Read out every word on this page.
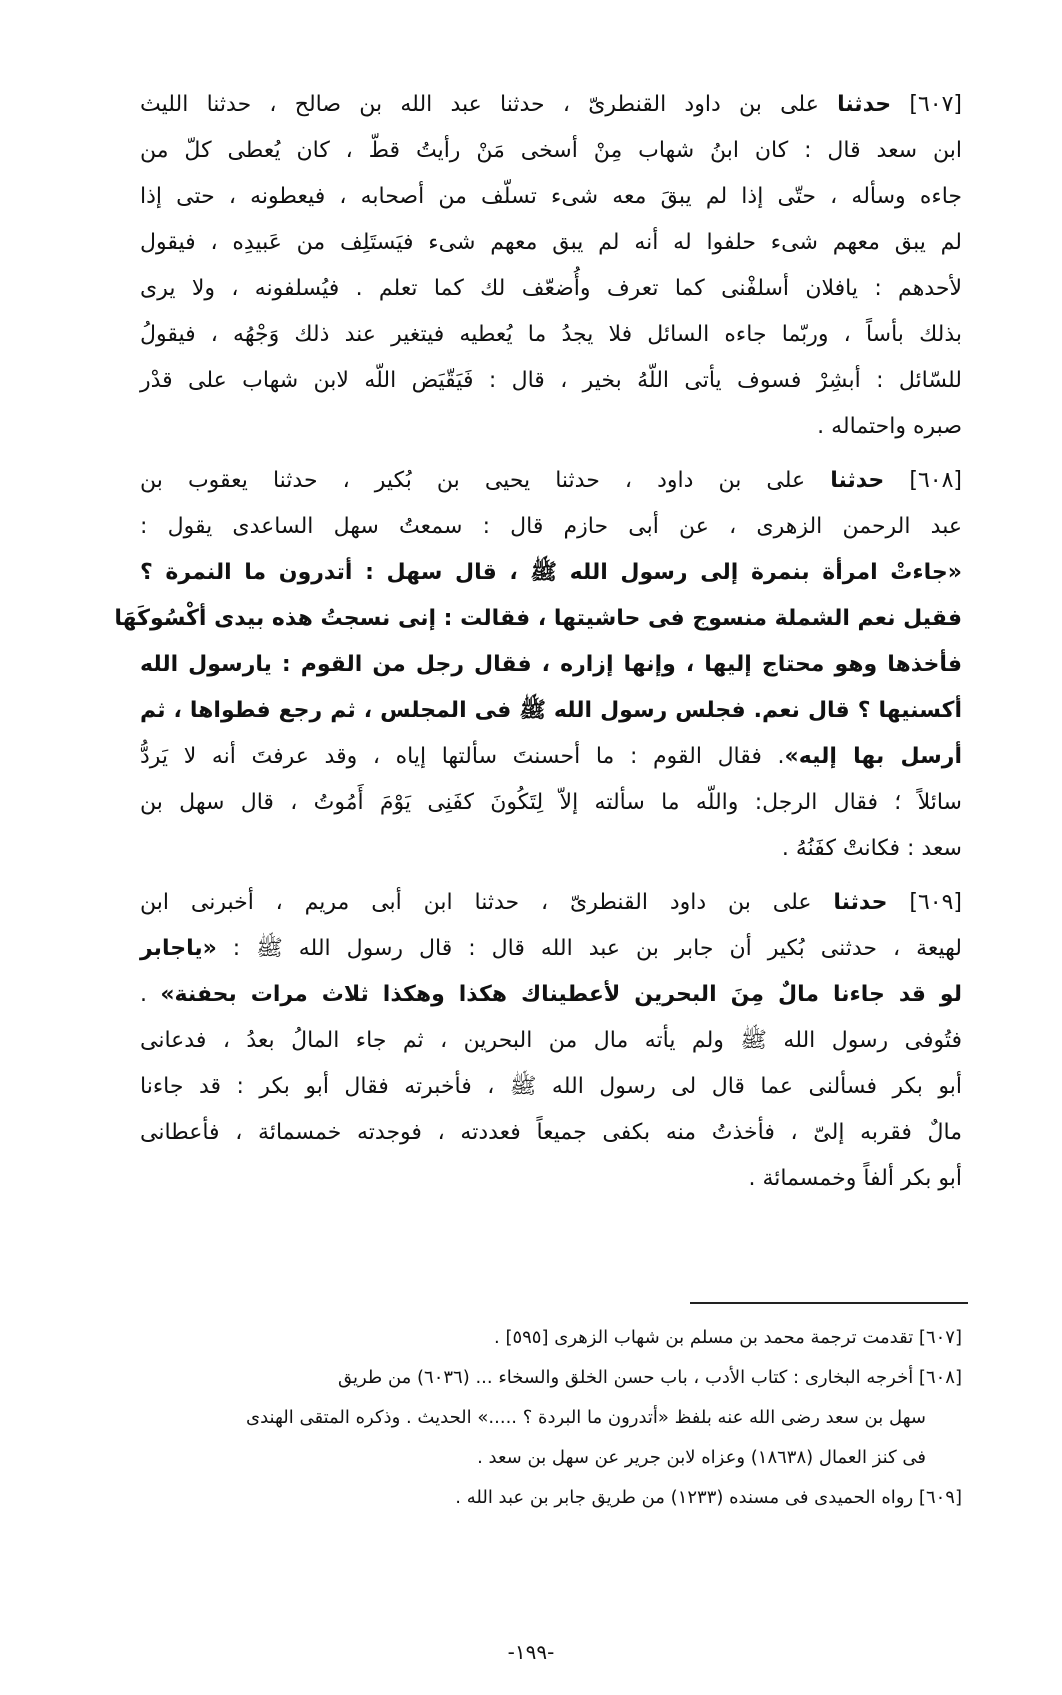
[٦٠٧] حدثنا على بن داود القنطرىّ ، حدثنا عبد الله بن صالح ، حدثنا الليث
ابن سعد قال : كان ابنُ شهاب مِنْ أسخى مَنْ رأيتُ قطّ ، كان يُعطى كلّ من
جاءه وسأله ، حتّى إذا لم يبقَ معه شىء تسلّف من أصحابه ، فيعطونه ، حتى إذا
لم يبق معهم شىء حلفوا له أنه لم يبق معهم شىء فيَستَلِف من عَبيدِه ، فيقول
لأحدهم : يافلان أسلفْنى كما تعرف وأُضعّف لك كما تعلم . فيُسلفونه ، ولا يرى
بذلك بأساً ، وربّما جاءه السائل فلا يجدُ ما يُعطيه فيتغير عند ذلك وَجْهُه ، فيقولُ
للسّائل : أبشِرْ فسوف يأتى اللّهُ بخير ، قال : فَيَقّيَض اللّه لابن شهاب على قدْر
صبره واحتماله .
[٦٠٨] حدثنا على بن داود ، حدثنا يحيى بن بُكير ، حدثنا يعقوب بن
عبد الرحمن الزهرى ، عن أبى حازم قال : سمعتُ سهل الساعدى يقول :
«جاءتْ امرأة بنمرة إلى رسول الله ﷺ ، قال سهل : أتدرون ما النمرة ؟
فقيل نعم الشملة منسوج فى حاشيتها ، فقالت : إنى نسجتُ هذه بيدى أكْسُوكَهَا
فأخذها وهو محتاج إليها ، وإنها إزاره ، فقال رجل من القوم : يارسول الله
أكسنيها ؟ قال نعم. فجلس رسول الله ﷺ فى المجلس ، ثم رجع فطواها ، ثم
أرسل بها إليه». فقال القوم : ما أحسنتَ سألتها إياه ، وقد عرفتَ أنه لا يَردُّ
سائلاً ؛ فقال الرجل: واللّه ما سألته إلاّ لِتَكُونَ كفَنِى يَوْمَ أَمُوتُ ، قال سهل بن
سعد : فكانتْ كفَنُهُ .
[٦٠٩] حدثنا على بن داود القنطرىّ ، حدثنا ابن أبى مريم ، أخبرنى ابن
لهيعة ، حدثنى بُكير أن جابر بن عبد الله قال : قال رسول الله ﷺ : «ياجابر
لو قد جاءنا مالٌ مِنَ البحرين لأعطيناك هكذا وهكذا ثلاث مرات بحفنة» .
فتُوفى رسول الله ﷺ ولم يأته مال من البحرين ، ثم جاء المالُ بعدُ ، فدعانى
أبو بكر فسألنى عما قال لى رسول الله ﷺ ، فأخبرته فقال أبو بكر : قد جاءنا
مالٌ فقربه إلىّ ، فأخذتُ منه بكفى جميعاً فعددته ، فوجدته خمسمائة ، فأعطانى
أبو بكر ألفاً وخمسمائة .
[٦٠٧] تقدمت ترجمة محمد بن مسلم بن شهاب الزهرى [٥٩٥] .
[٦٠٨] أخرجه البخارى : كتاب الأدب ، باب حسن الخلق والسخاء ... (٦٠٣٦) من طريق
سهل بن سعد رضى الله عنه بلفظ «أتدرون ما البردة ؟ .....» الحديث . وذكره المتقى الهندى
فى كنز العمال (١٨٦٣٨) وعزاه لابن جرير عن سهل بن سعد .
[٦٠٩] رواه الحميدى فى مسنده (١٢٣٣) من طريق جابر بن عبد الله .
-١٩٩-
